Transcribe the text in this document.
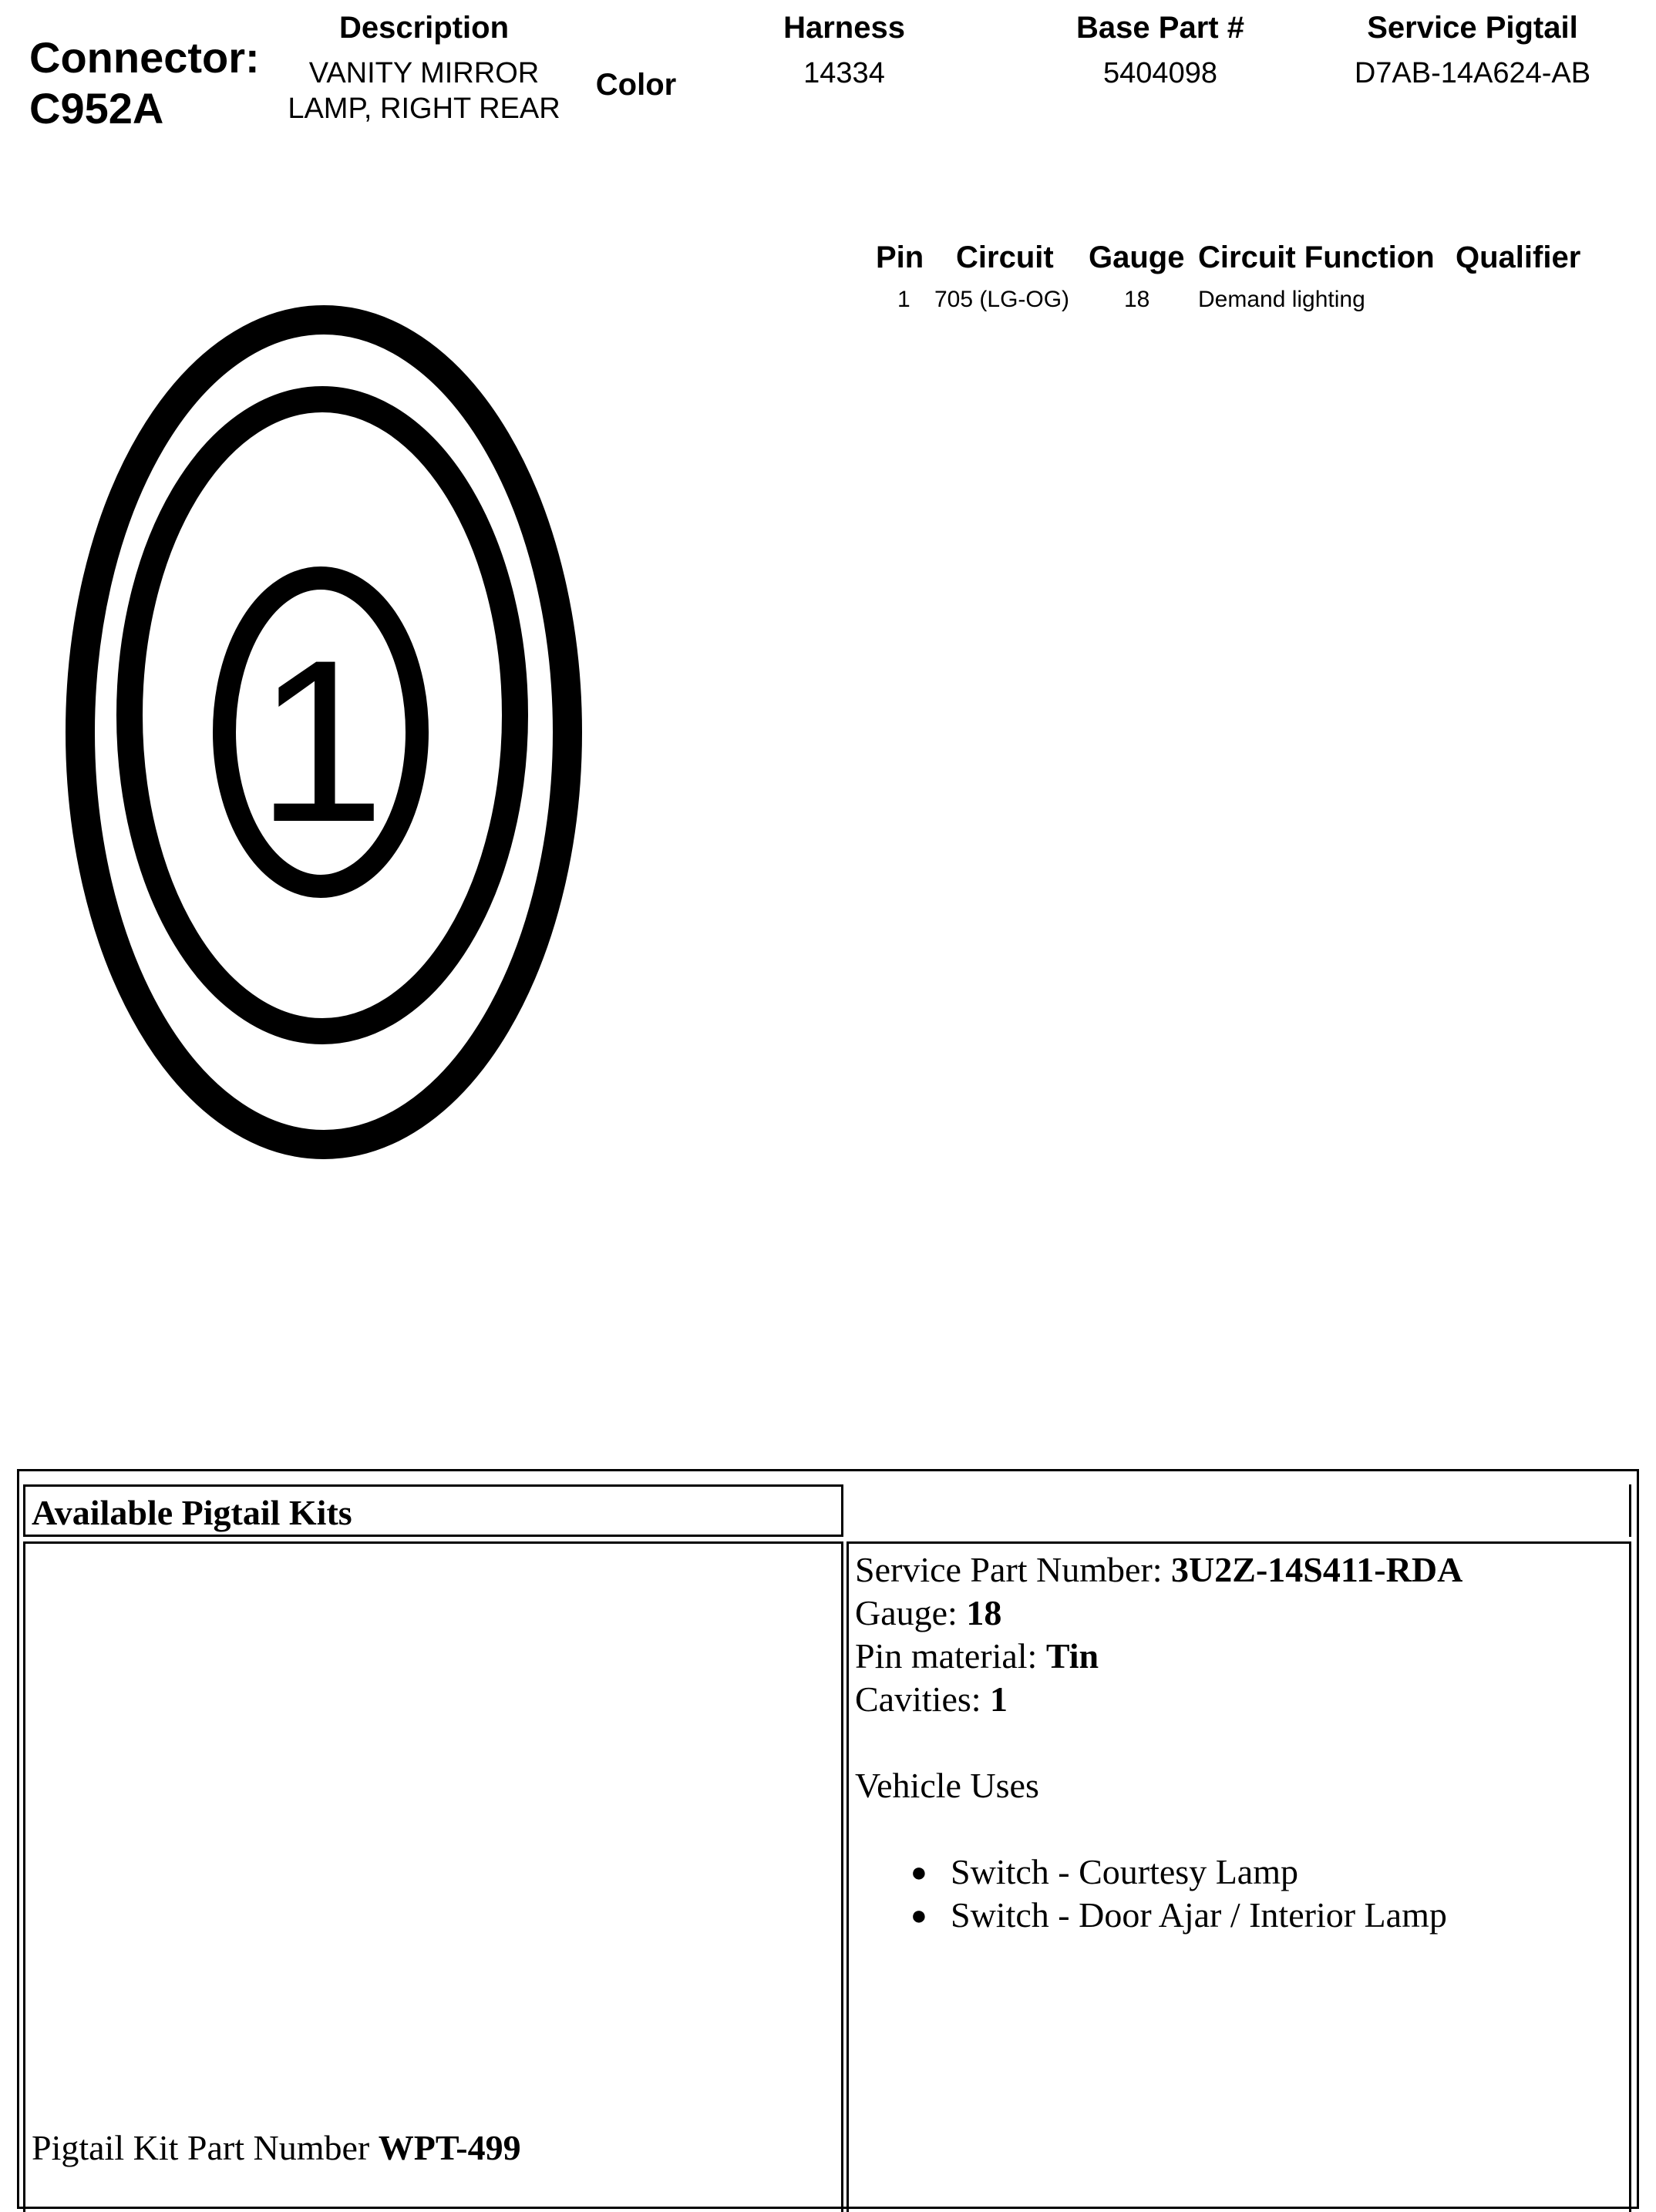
Connector:
C952A
Description
VANITY MIRROR LAMP, RIGHT REAR
Color
Harness
14334
Base Part #
5404098
Service Pigtail
D7AB-14A624-AB
Pin Circuit Gauge Circuit Function Qualifier
1 705 (LG-OG) 18 Demand lighting
1
Available Pigtail Kits
Pigtail Kit Part Number WPT-499
Service Part Number: 3U2Z-14S411-RDA
Gauge: 18
Pin material: Tin
Cavities: 1
Vehicle Uses
● Switch - Courtesy Lamp
● Switch - Door Ajar / Interior Lamp
